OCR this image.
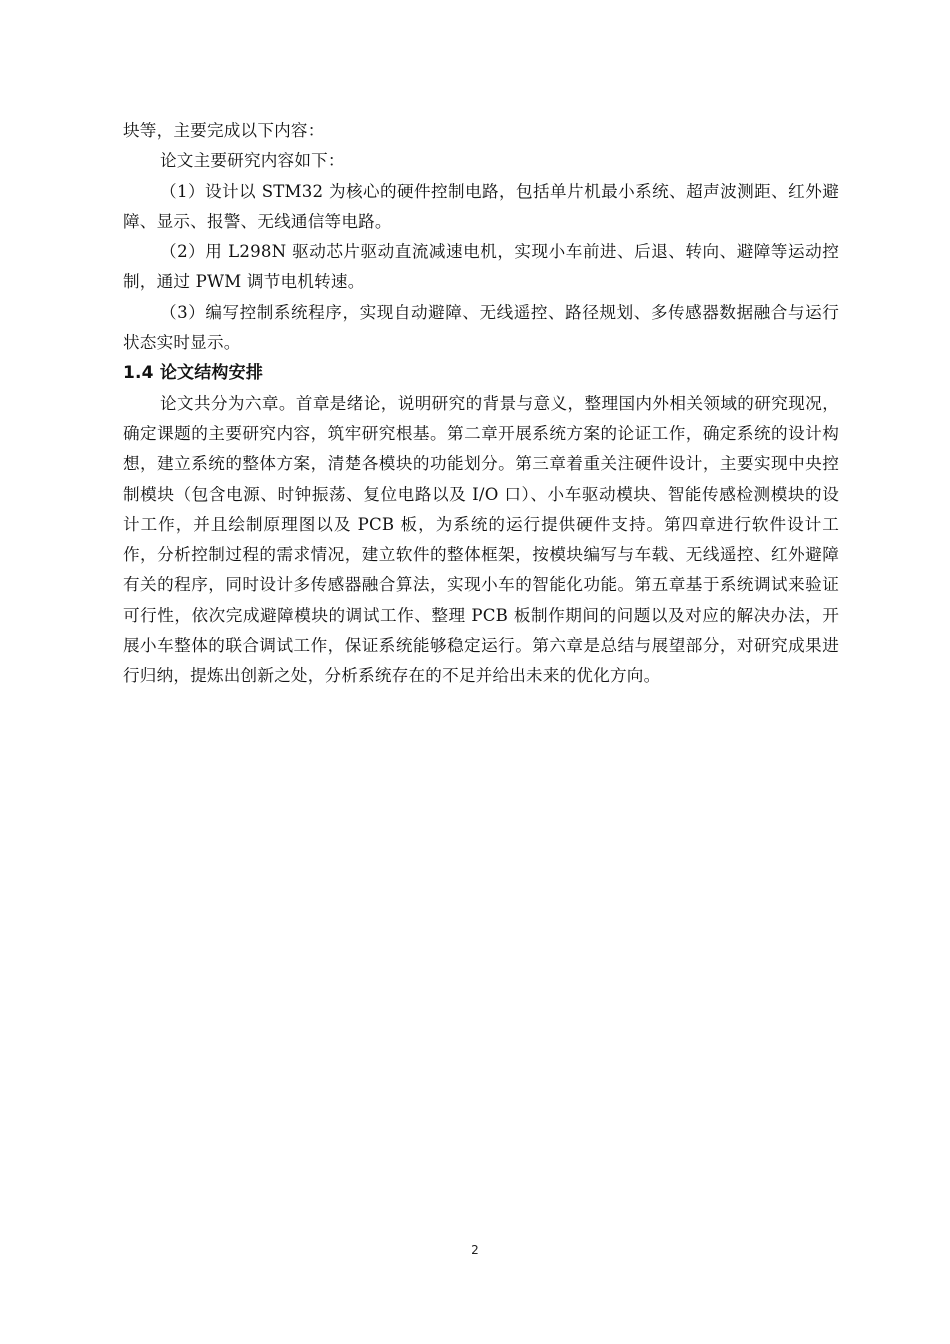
块等，主要完成以下内容：

论文主要研究内容如下：

（1）设计以 STM32 为核心的硬件控制电路，包括单片机最小系统、超声波测距、红外避障、显示、报警、无线通信等电路。

（2）用 L298N 驱动芯片驱动直流减速电机，实现小车前进、后退、转向、避障等运动控制，通过 PWM 调节电机转速。

（3）编写控制系统程序，实现自动避障、无线遥控、路径规划、多传感器数据融合与运行状态实时显示。

1.4 论文结构安排

论文共分为六章。首章是绪论，说明研究的背景与意义，整理国内外相关领域的研究现况，确定课题的主要研究内容，筑牢研究根基。第二章开展系统方案的论证工作，确定系统的设计构想，建立系统的整体方案，清楚各模块的功能划分。第三章着重关注硬件设计，主要实现中央控制模块（包含电源、时钟振荡、复位电路以及 I/O 口）、小车驱动模块、智能传感检测模块的设计工作，并且绘制原理图以及 PCB 板，为系统的运行提供硬件支持。第四章进行软件设计工作，分析控制过程的需求情况，建立软件的整体框架，按模块编写与车载、无线遥控、红外避障有关的程序，同时设计多传感器融合算法，实现小车的智能化功能。第五章基于系统调试来验证可行性，依次完成避障模块的调试工作、整理 PCB 板制作期间的问题以及对应的解决办法，开展小车整体的联合调试工作，保证系统能够稳定运行。第六章是总结与展望部分，对研究成果进行归纳，提炼出创新之处，分析系统存在的不足并给出未来的优化方向。

2
